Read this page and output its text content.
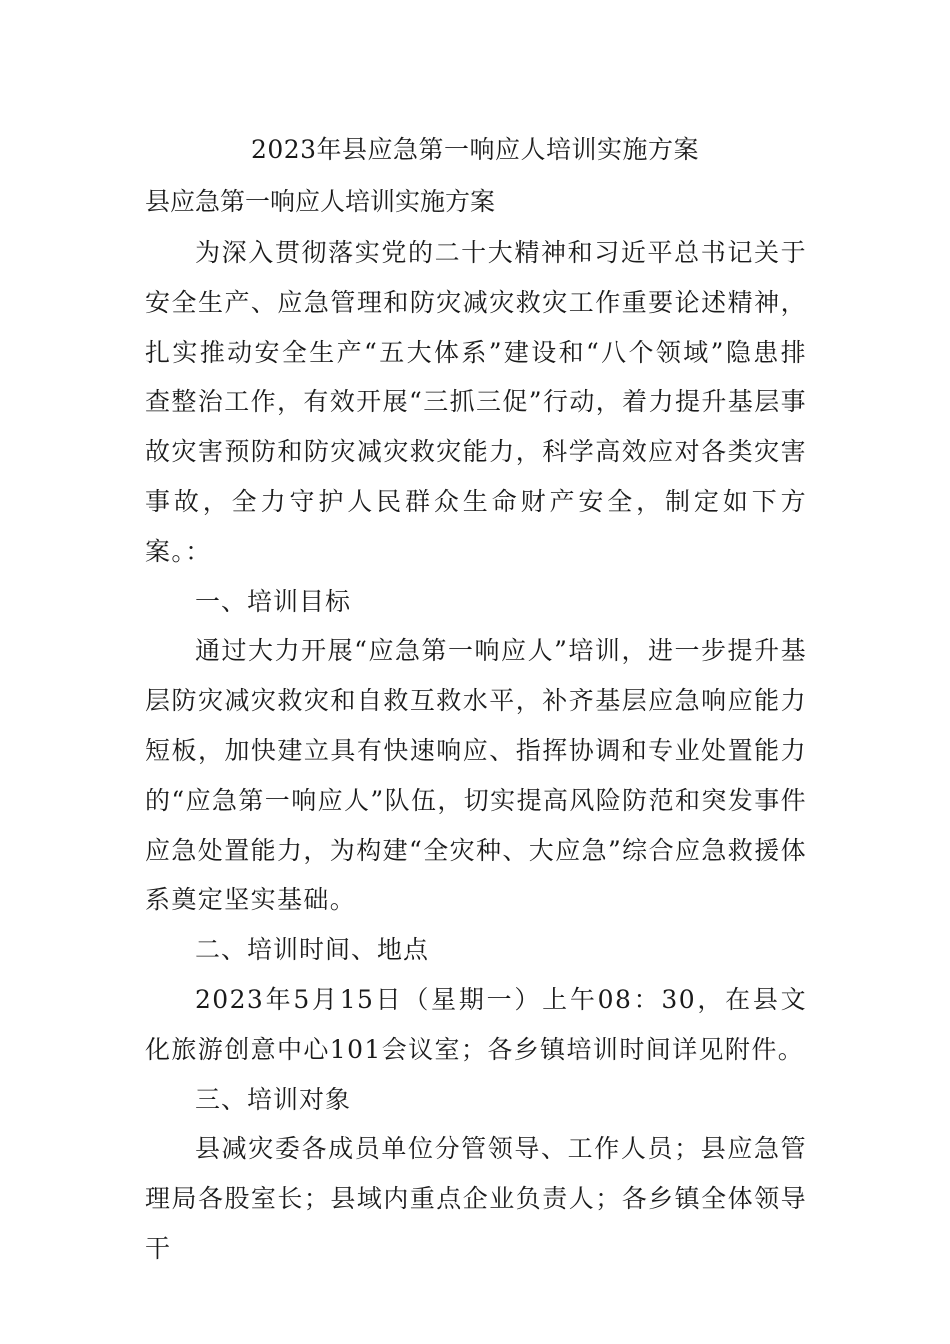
2023年县应急第一响应人培训实施方案
县应急第一响应人培训实施方案

为深入贯彻落实党的二十大精神和习近平总书记关于安全生产、应急管理和防灾减灾救灾工作重要论述精神，扎实推动安全生产“五大体系”建设和“八个领域”隐患排查整治工作，有效开展“三抓三促”行动，着力提升基层事故灾害预防和防灾减灾救灾能力，科学高效应对各类灾害事故，全力守护人民群众生命财产安全，制定如下方案。：

一、培训目标

通过大力开展“应急第一响应人”培训，进一步提升基层防灾减灾救灾和自救互救水平，补齐基层应急响应能力短板，加快建立具有快速响应、指挥协调和专业处置能力的“应急第一响应人”队伍，切实提高风险防范和突发事件应急处置能力，为构建“全灾种、大应急”综合应急救援体系奠定坚实基础。

二、培训时间、地点

2023年5月15日（星期一）上午08：30，在县文化旅游创意中心101会议室；各乡镇培训时间详见附件。

三、培训对象

县减灾委各成员单位分管领导、工作人员；县应急管理局各股室长；县域内重点企业负责人；各乡镇全体领导干
